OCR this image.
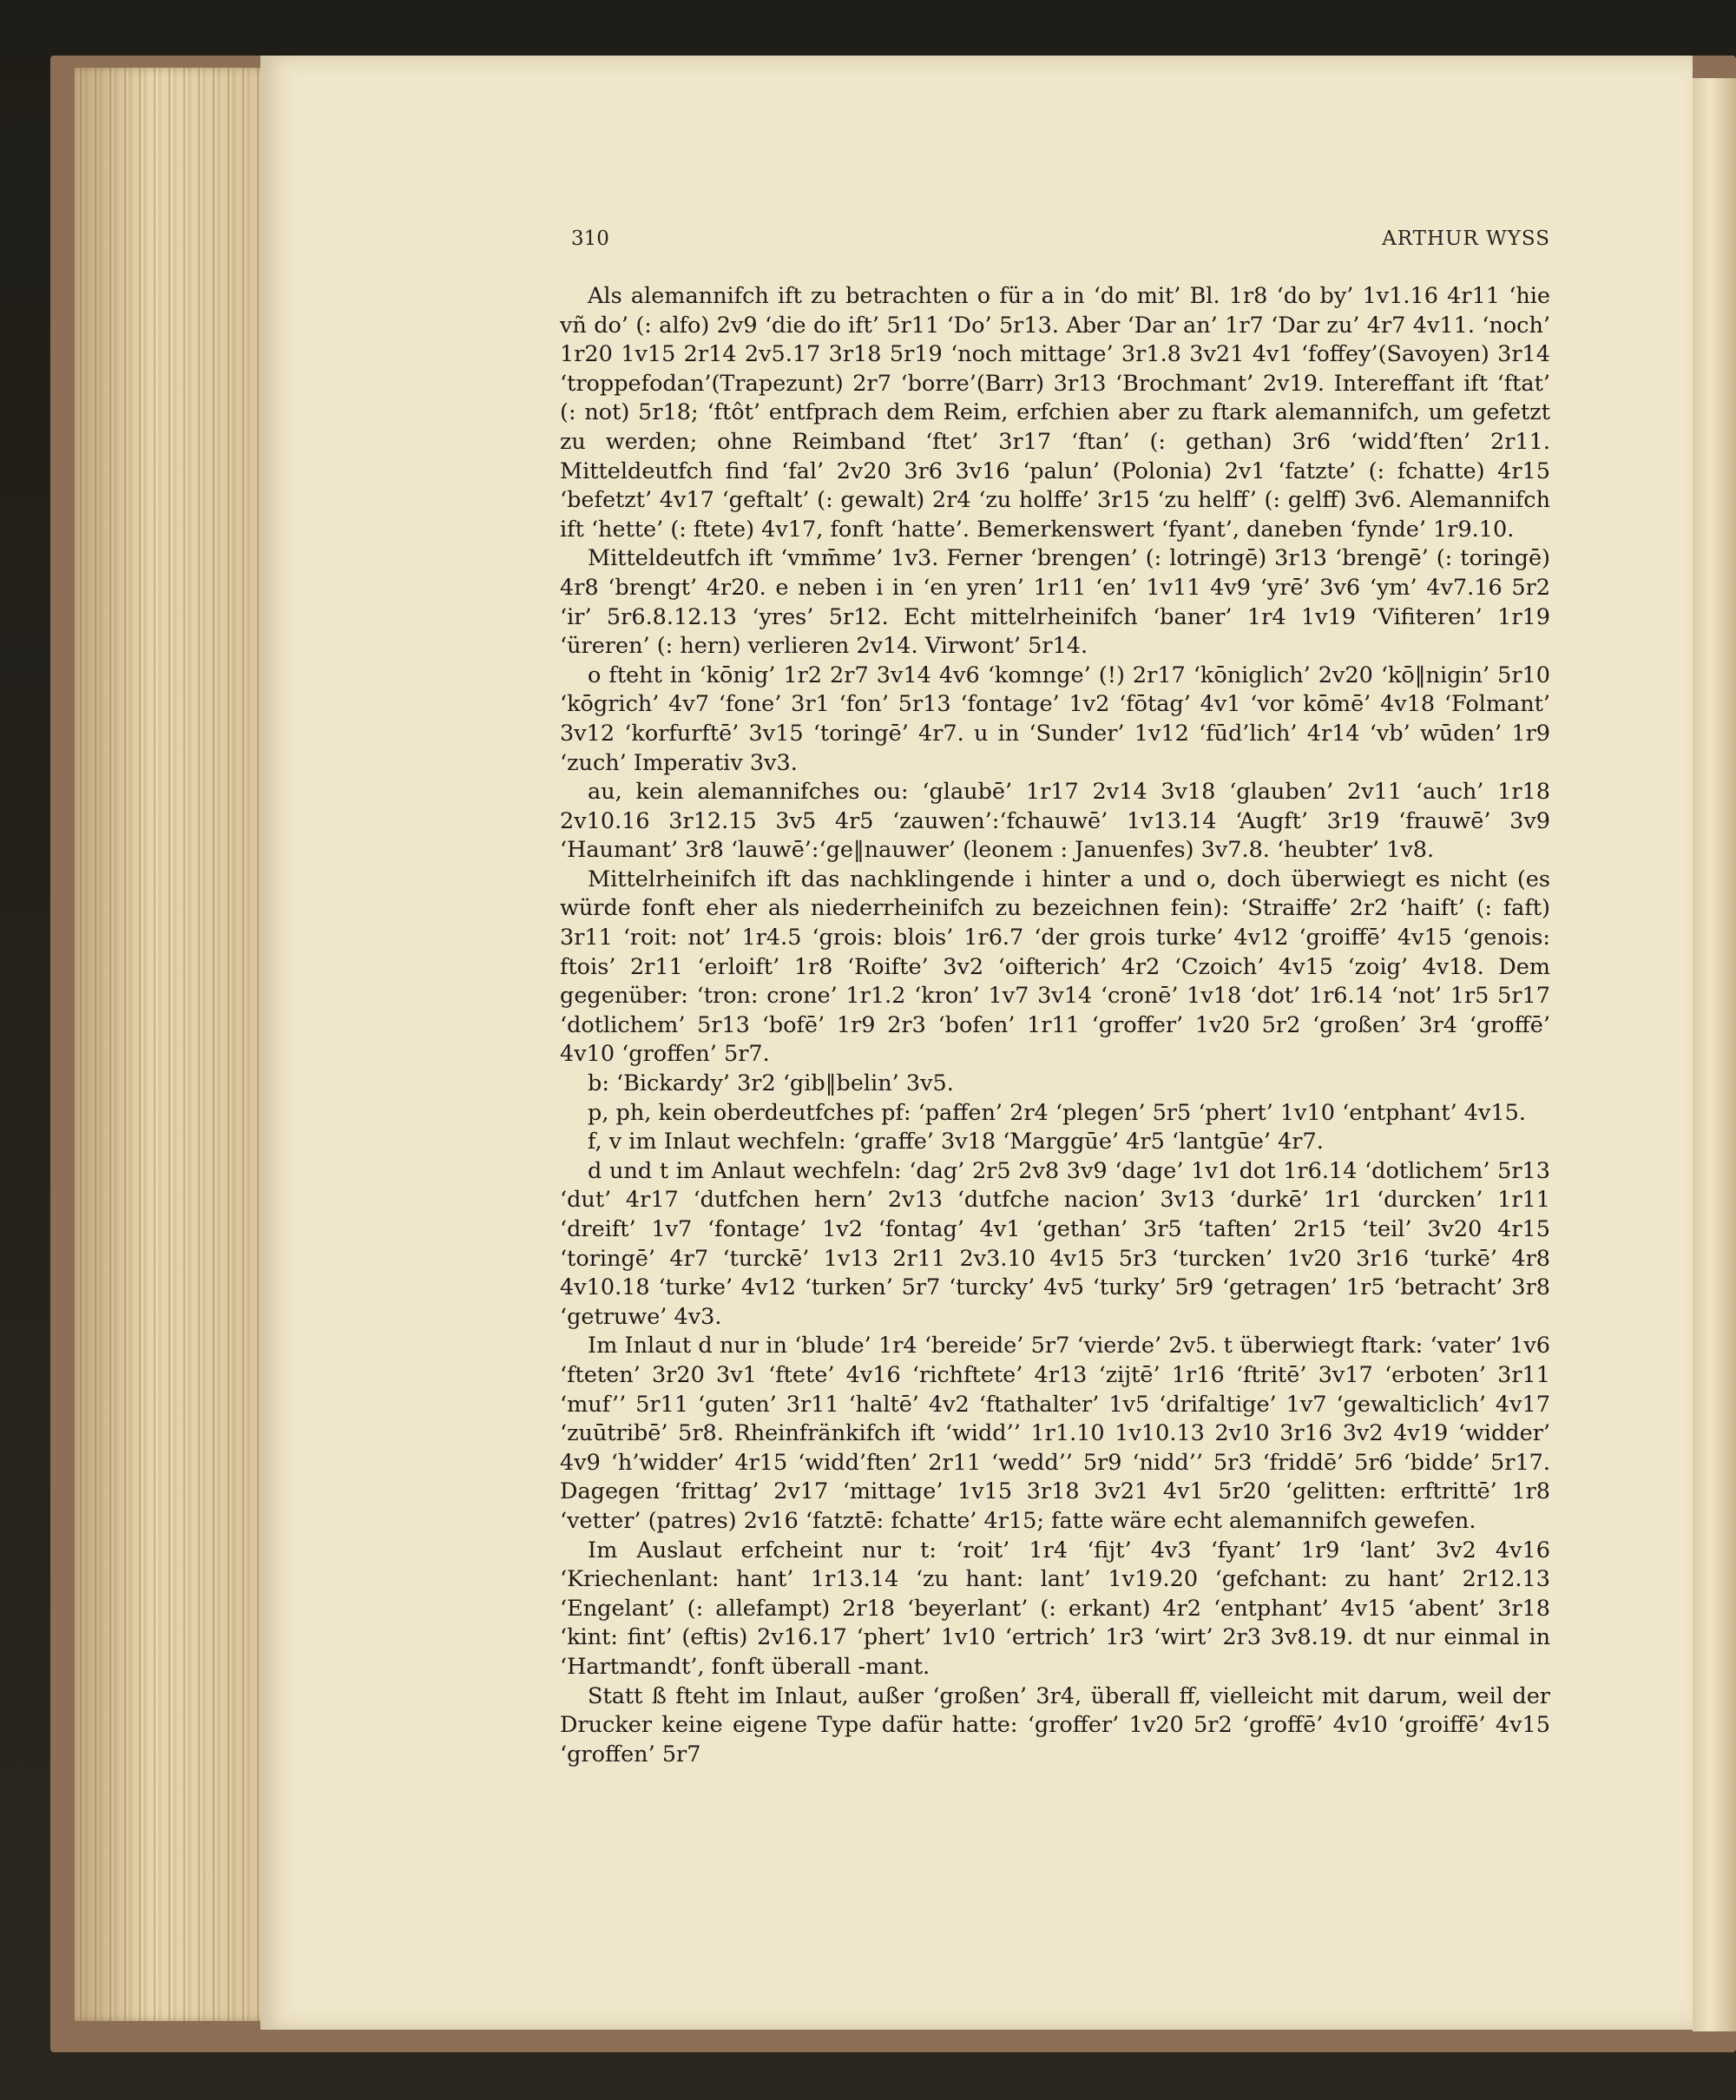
310	ARTHUR WYSS

Als alemannifch ift zu betrachten o für a in ‘do mit’ Bl. 1r8 ‘do by’ 1v1.16 4r11 ‘hie vñ do’ (: alfo) 2v9 ‘die do ift’ 5r11 ‘Do’ 5r13. Aber ‘Dar an’ 1r7 ‘Dar zu’ 4r7 4v11. ‘noch’ 1r20 1v15 2r14 2v5.17 3r18 5r19 ‘noch mittage’ 3r1.8 3v21 4v1 ‘foffey’(Savoyen) 3r14 ‘troppefodan’(Trapezunt) 2r7 ‘borre’(Barr) 3r13 ‘Brochmant’ 2v19. Intereffant ift ‘ftat’ (: not) 5r18; ‘ftôt’ entfprach dem Reim, erfchien aber zu ftark alemannifch, um gefetzt zu werden; ohne Reimband ‘ftet’ 3r17 ‘ftan’ (: gethan) 3r6 ‘widd’ften’ 2r11. Mitteldeutfch find ‘fal’ 2v20 3r6 3v16 ‘palun’ (Polonia) 2v1 ‘fatzte’ (: fchatte) 4r15 ‘befetzt’ 4v17 ‘geftalt’ (: gewalt) 2r4 ‘zu holffe’ 3r15 ‘zu helff’ (: gelff) 3v6. Alemannifch ift ‘hette’ (: ftete) 4v17, fonft ‘hatte’. Bemerkenswert ‘fyant’, daneben ‘fynde’ 1r9.10.

Mitteldeutfch ift ‘vmm̄me’ 1v3. Ferner ‘brengen’ (: lotringē) 3r13 ‘brengē’ (: toringē) 4r8 ‘brengt’ 4r20. e neben i in ‘en yren’ 1r11 ‘en’ 1v11 4v9 ‘yrē’ 3v6 ‘ym’ 4v7.16 5r2 ‘ir’ 5r6.8.12.13 ‘yres’ 5r12. Echt mittelrheinifch ‘baner’ 1r4 1v19 ‘Vifiteren’ 1r19 ‘üreren’ (: hern) verlieren 2v14. Virwont’ 5r14.

o fteht in ‘kōnig’ 1r2 2r7 3v14 4v6 ‘komnge’ (!) 2r17 ‘kōniglich’ 2v20 ‘kō‖nigin’ 5r10 ‘kōgrich’ 4v7 ‘fone’ 3r1 ‘fon’ 5r13 ‘fontage’ 1v2 ‘fōtag’ 4v1 ‘vor kōmē’ 4v18 ‘Folmant’ 3v12 ‘korfurftē’ 3v15 ‘toringē’ 4r7. u in ‘Sunder’ 1v12 ‘fūd’lich’ 4r14 ‘vb’ wūden’ 1r9 ‘zuch’ Imperativ 3v3.

au, kein alemannifches ou: ‘glaubē’ 1r17 2v14 3v18 ‘glauben’ 2v11 ‘auch’ 1r18 2v10.16 3r12.15 3v5 4r5 ‘zauwen’:‘fchauwē’ 1v13.14 ‘Augft’ 3r19 ‘frauwē’ 3v9 ‘Haumant’ 3r8 ‘lauwē’:‘ge‖nauwer’ (leonem : Januenfes) 3v7.8. ‘heubter’ 1v8.

Mittelrheinifch ift das nachklingende i hinter a und o, doch überwiegt es nicht (es würde fonft eher als niederrheinifch zu bezeichnen fein): ‘Straiffe’ 2r2 ‘haift’ (: faft) 3r11 ‘roit: not’ 1r4.5 ‘grois: blois’ 1r6.7 ‘der grois turke’ 4v12 ‘groiffē’ 4v15 ‘genois: ftois’ 2r11 ‘erloift’ 1r8 ‘Roifte’ 3v2 ‘oifterich’ 4r2 ‘Czoich’ 4v15 ‘zoig’ 4v18. Dem gegenüber: ‘tron: crone’ 1r1.2 ‘kron’ 1v7 3v14 ‘cronē’ 1v18 ‘dot’ 1r6.14 ‘not’ 1r5 5r17 ‘dotlichem’ 5r13 ‘bofē’ 1r9 2r3 ‘bofen’ 1r11 ‘groffer’ 1v20 5r2 ‘großen’ 3r4 ‘groffē’ 4v10 ‘groffen’ 5r7.

b: ‘Bickardy’ 3r2 ‘gib‖belin’ 3v5.

p, ph, kein oberdeutfches pf: ‘paffen’ 2r4 ‘plegen’ 5r5 ‘phert’ 1v10 ‘entphant’ 4v15.

f, v im Inlaut wechfeln: ‘graffe’ 3v18 ‘Marggūe’ 4r5 ‘lantgūe’ 4r7.

d und t im Anlaut wechfeln: ‘dag’ 2r5 2v8 3v9 ‘dage’ 1v1 dot 1r6.14 ‘dotlichem’ 5r13 ‘dut’ 4r17 ‘dutfchen hern’ 2v13 ‘dutfche nacion’ 3v13 ‘durkē’ 1r1 ‘durcken’ 1r11 ‘dreift’ 1v7 ‘fontage’ 1v2 ‘fontag’ 4v1 ‘gethan’ 3r5 ‘taften’ 2r15 ‘teil’ 3v20 4r15 ‘toringē’ 4r7 ‘turckē’ 1v13 2r11 2v3.10 4v15 5r3 ‘turcken’ 1v20 3r16 ‘turkē’ 4r8 4v10.18 ‘turke’ 4v12 ‘turken’ 5r7 ‘turcky’ 4v5 ‘turky’ 5r9 ‘getragen’ 1r5 ‘betracht’ 3r8 ‘getruwe’ 4v3.

Im Inlaut d nur in ‘blude’ 1r4 ‘bereide’ 5r7 ‘vierde’ 2v5. t überwiegt ftark: ‘vater’ 1v6 ‘fteten’ 3r20 3v1 ‘ftete’ 4v16 ‘richftete’ 4r13 ‘zijtē’ 1r16 ‘ftritē’ 3v17 ‘erboten’ 3r11 ‘muf’’ 5r11 ‘guten’ 3r11 ‘haltē’ 4v2 ‘ftathalter’ 1v5 ‘drifaltige’ 1v7 ‘gewalticlich’ 4v17 ‘zuūtribē’ 5r8. Rheinfränkifch ift ‘widd’’ 1r1.10 1v10.13 2v10 3r16 3v2 4v19 ‘widder’ 4v9 ‘h’widder’ 4r15 ‘widd’ften’ 2r11 ‘wedd’’ 5r9 ‘nidd’’ 5r3 ‘friddē’ 5r6 ‘bidde’ 5r17. Dagegen ‘frittag’ 2v17 ‘mittage’ 1v15 3r18 3v21 4v1 5r20 ‘gelitten: erftrittē’ 1r8 ‘vetter’ (patres) 2v16 ‘fatztē: fchatte’ 4r15; fatte wäre echt alemannifch gewefen.

Im Auslaut erfcheint nur t: ‘roit’ 1r4 ‘fijt’ 4v3 ‘fyant’ 1r9 ‘lant’ 3v2 4v16 ‘Kriechenlant: hant’ 1r13.14 ‘zu hant: lant’ 1v19.20 ‘gefchant: zu hant’ 2r12.13 ‘Engelant’ (: allefampt) 2r18 ‘beyerlant’ (: erkant) 4r2 ‘entphant’ 4v15 ‘abent’ 3r18 ‘kint: fint’ (eftis) 2v16.17 ‘phert’ 1v10 ‘ertrich’ 1r3 ‘wirt’ 2r3 3v8.19. dt nur einmal in ‘Hartmandt’, fonft überall -mant.

Statt ß fteht im Inlaut, außer ‘großen’ 3r4, überall ff, vielleicht mit darum, weil der Drucker keine eigene Type dafür hatte: ‘groffer’ 1v20 5r2 ‘groffē’ 4v10 ‘groiffē’ 4v15 ‘groffen’ 5r7
